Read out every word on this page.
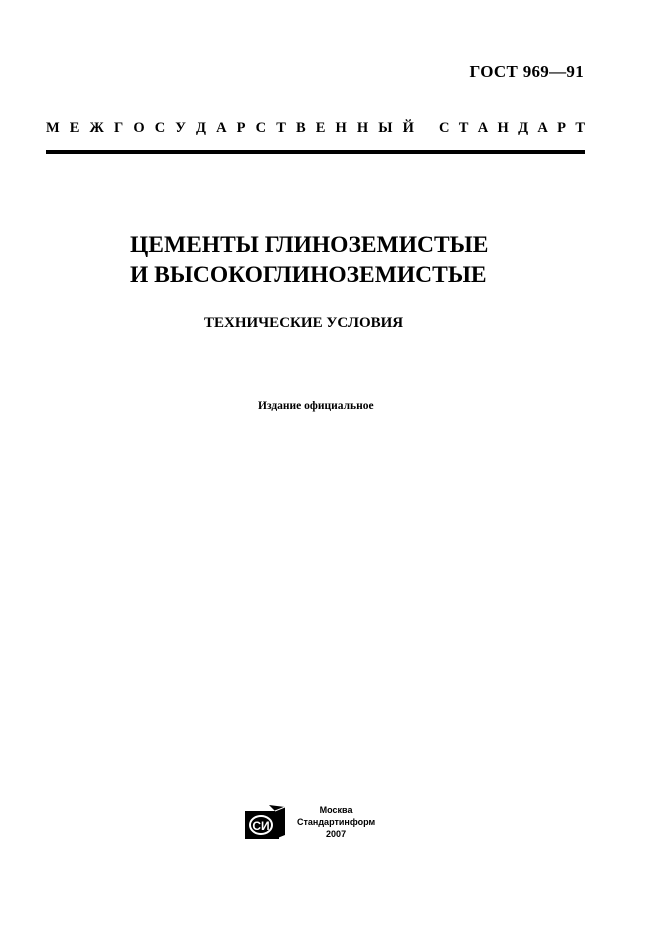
ГОСТ 969—91
М Е Ж Г О С У Д А Р С Т В Е Н Н Ы Й С Т А Н Д А Р Т
ЦЕМЕНТЫ ГЛИНОЗЕМИСТЫЕ
И ВЫСОКОГЛИНОЗЕМИСТЫЕ
ТЕХНИЧЕСКИЕ УСЛОВИЯ
Издание официальное
СИ
Москва
Стандартинформ
2007
